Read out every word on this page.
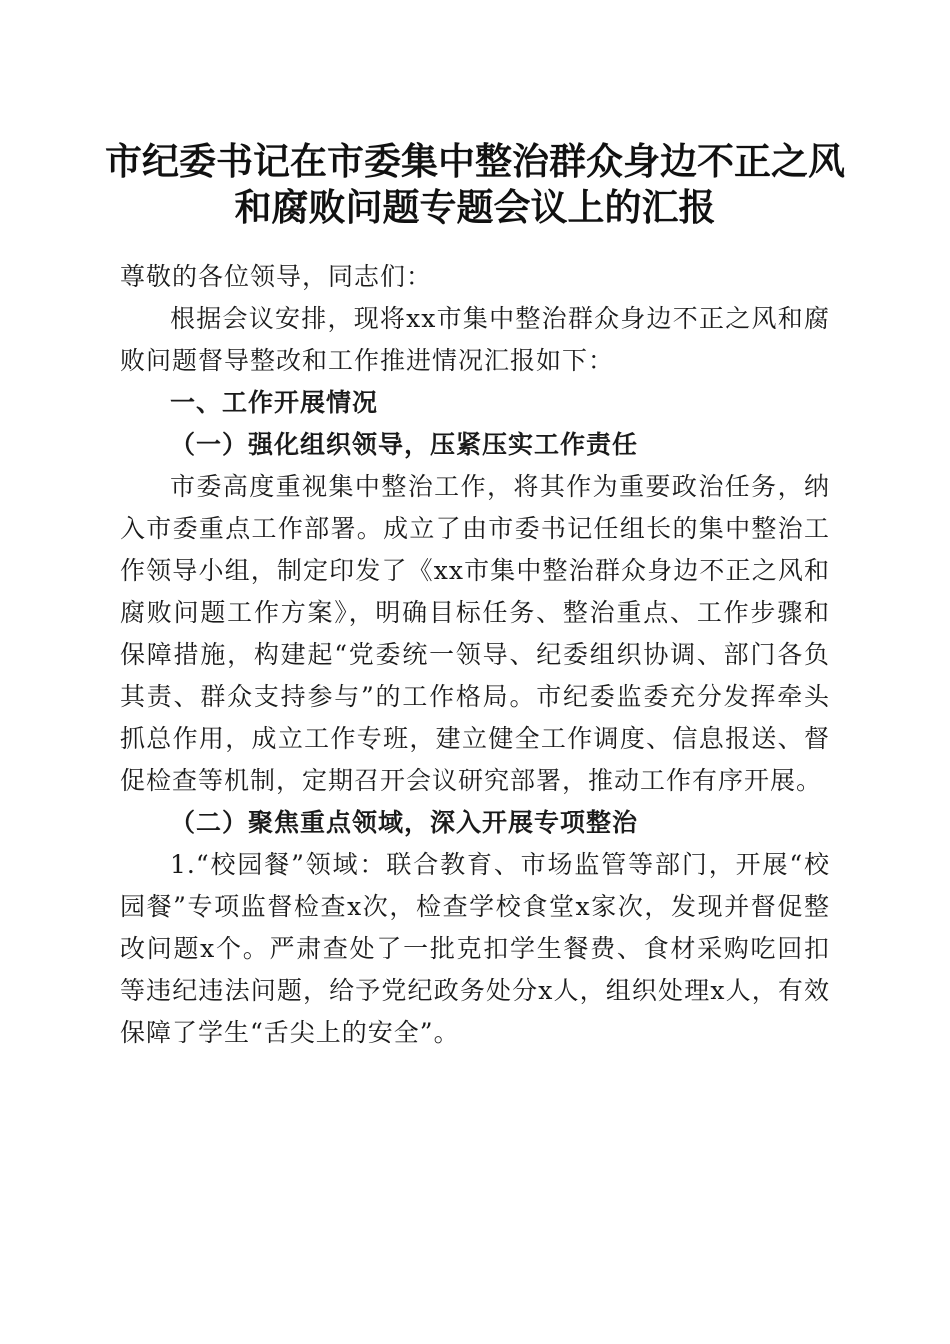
市纪委书记在市委集中整治群众身边不正之风
和腐败问题专题会议上的汇报

尊敬的各位领导，同志们：

根据会议安排，现将xx市集中整治群众身边不正之风和腐败问题督导整改和工作推进情况汇报如下：

一、工作开展情况

（一）强化组织领导，压紧压实工作责任

市委高度重视集中整治工作，将其作为重要政治任务，纳入市委重点工作部署。成立了由市委书记任组长的集中整治工作领导小组，制定印发了《xx市集中整治群众身边不正之风和腐败问题工作方案》，明确目标任务、整治重点、工作步骤和保障措施，构建起“党委统一领导、纪委组织协调、部门各负其责、群众支持参与”的工作格局。市纪委监委充分发挥牵头抓总作用，成立工作专班，建立健全工作调度、信息报送、督促检查等机制，定期召开会议研究部署，推动工作有序开展。

（二）聚焦重点领域，深入开展专项整治

1.“校园餐”领域：联合教育、市场监管等部门，开展“校园餐”专项监督检查x次，检查学校食堂x家次，发现并督促整改问题x个。严肃查处了一批克扣学生餐费、食材采购吃回扣等违纪违法问题，给予党纪政务处分x人，组织处理x人，有效保障了学生“舌尖上的安全”。
